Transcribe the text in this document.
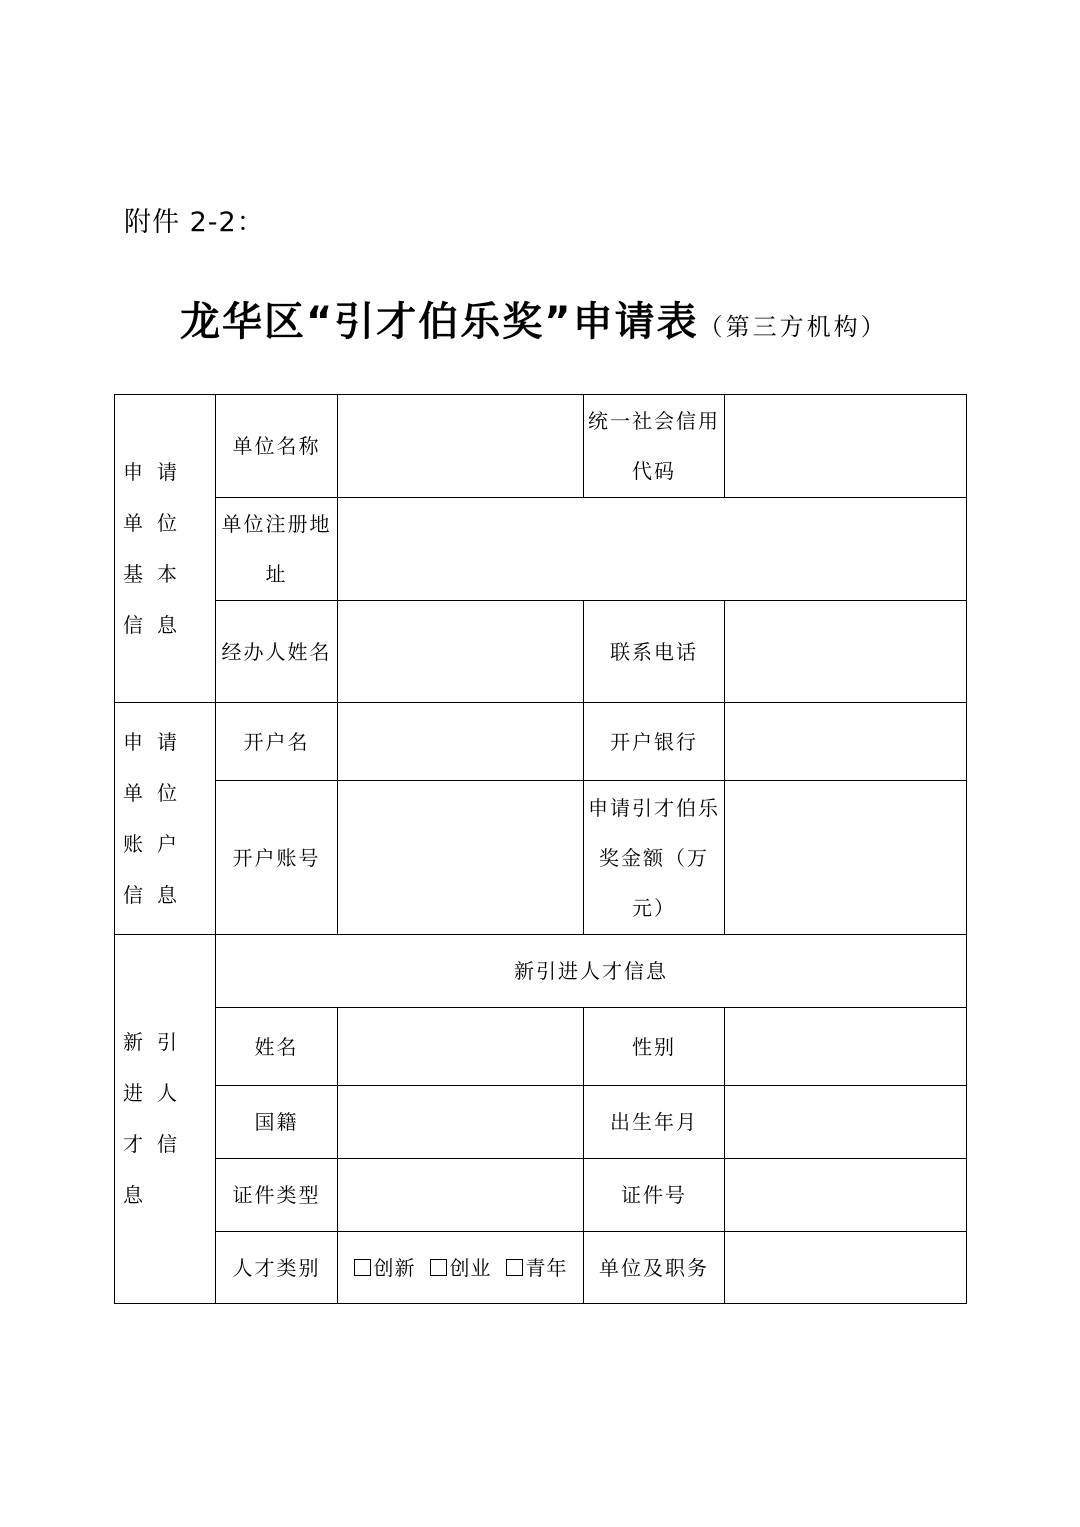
附件 2-2：
龙华区“引才伯乐奖”申请表（第三方机构）
申请单位基本信息	单位名称		统一社会信用代码	
	单位注册地址			
	经办人姓名		联系电话	
申请单位账户信息	开户名		开户银行	
	开户账号		申请引才伯乐奖金额（万元）	
新引进人才信息	新引进人才信息			
	姓名		性别	
	国籍		出生年月	
	证件类型		证件号	
	人才类别	创新 创业 青年	单位及职务	
